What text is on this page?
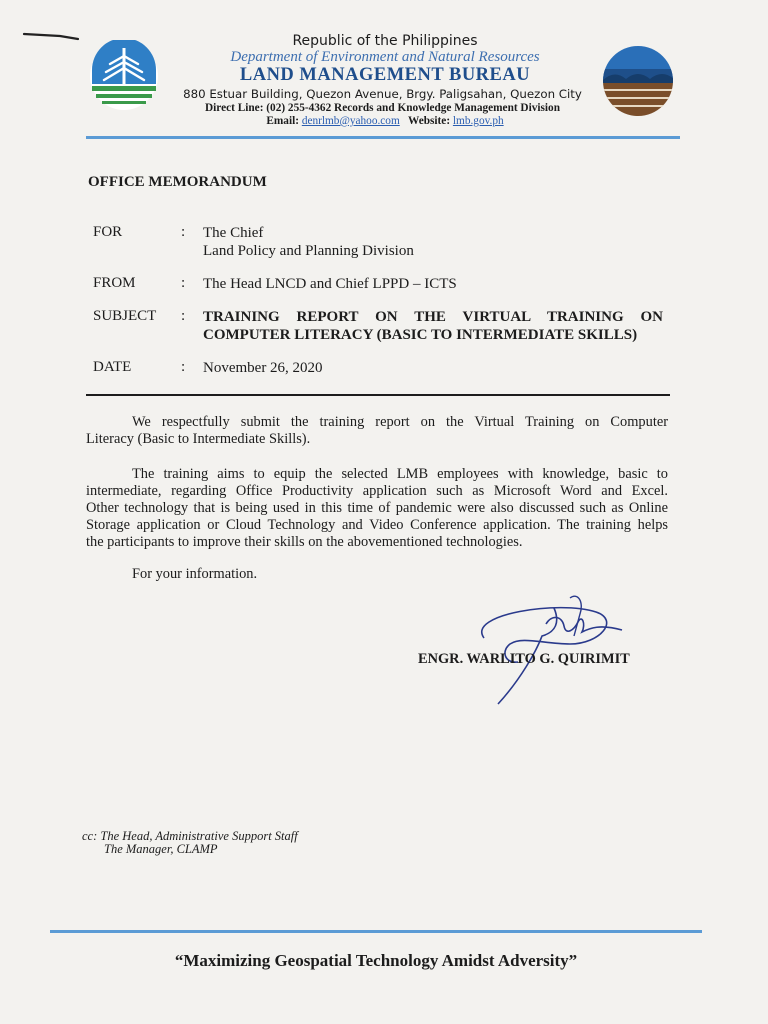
Republic of the Philippines
Department of Environment and Natural Resources
LAND MANAGEMENT BUREAU
880 Estuar Building, Quezon Avenue, Brgy. Paligsahan, Quezon City
Direct Line: (02) 255-4362 Records and Knowledge Management Division
Email: denrlmb@yahoo.com Website: lmb.gov.ph
OFFICE MEMORANDUM
FOR	: The Chief
Land Policy and Planning Division
FROM	: The Head LNCD and Chief LPPD – ICTS
SUBJECT : TRAINING REPORT ON THE VIRTUAL TRAINING ON
COMPUTER LITERACY (BASIC TO INTERMEDIATE SKILLS)
DATE	: November 26, 2020
We respectfully submit the training report on the Virtual Training on Computer
Literacy (Basic to Intermediate Skills).
The training aims to equip the selected LMB employees with knowledge, basic to
intermediate, regarding Office Productivity application such as Microsoft Word and Excel.
Other technology that is being used in this time of pandemic were also discussed such as Online
Storage application or Cloud Technology and Video Conference application. The training helps
the participants to improve their skills on the abovementioned technologies.
For your information.
ENGR. WARLITO G. QUIRIMIT
cc: The Head, Administrative Support Staff
The Manager, CLAMP
“Maximizing Geospatial Technology Amidst Adversity”
